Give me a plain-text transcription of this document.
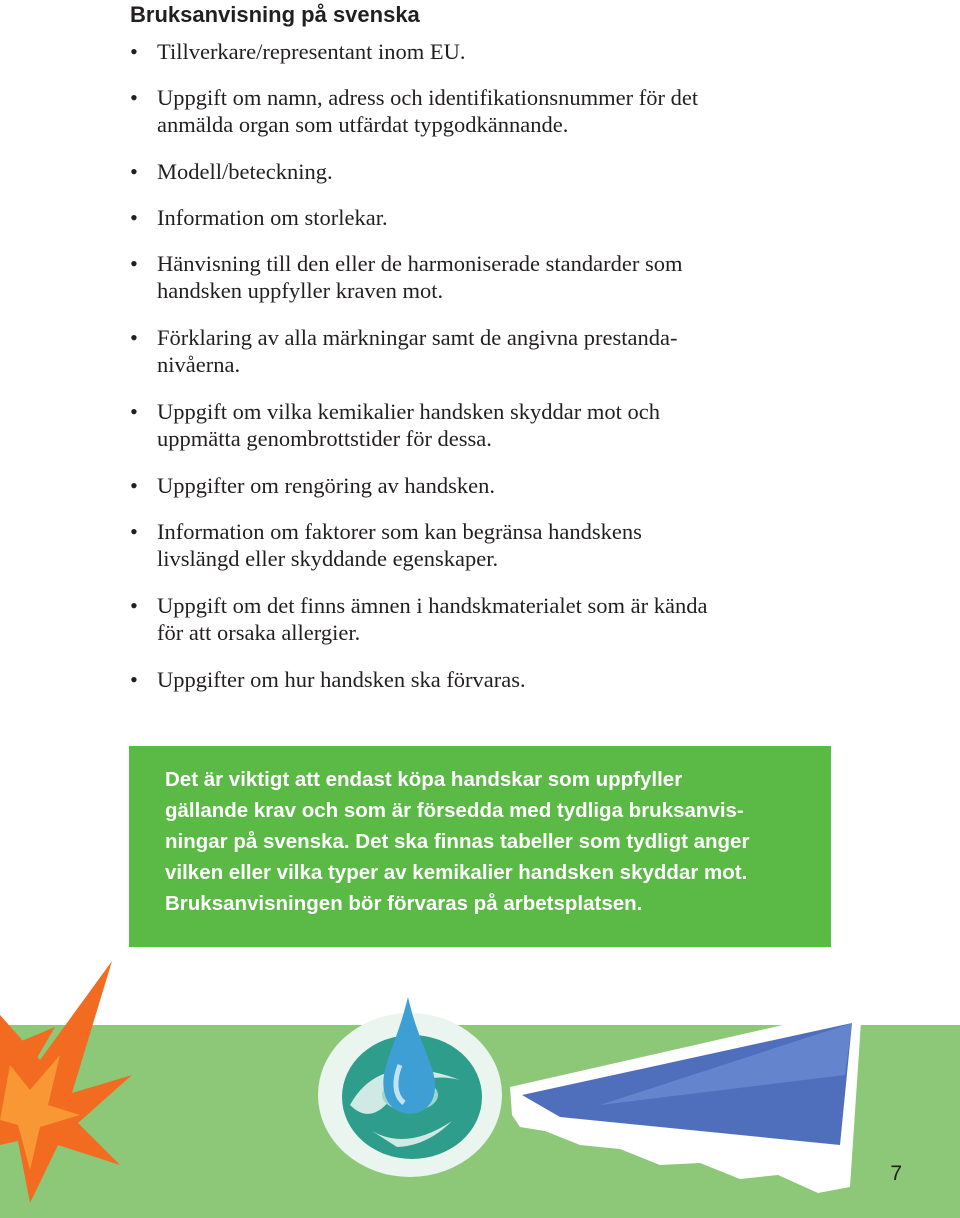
Bruksanvisning på svenska
• Tillverkare/representant inom EU.
• Uppgift om namn, adress och identifikationsnummer för det
anmälda organ som utfärdat typgodkännande.
• Modell/beteckning.
• Information om storlekar.
• Hänvisning till den eller de harmoniserade standarder som
handsken uppfyller kraven mot.
• Förklaring av alla märkningar samt de angivna prestanda-
nivåerna.
• Uppgift om vilka kemikalier handsken skyddar mot och
uppmätta genombrottstider för dessa.
• Uppgifter om rengöring av handsken.
• Information om faktorer som kan begränsa handskens
livslängd eller skyddande egenskaper.
• Uppgift om det finns ämnen i handskmaterialet som är kända
för att orsaka allergier.
• Uppgifter om hur handsken ska förvaras.

Det är viktigt att endast köpa handskar som uppfyller
gällande krav och som är försedda med tydliga bruksanvis-
ningar på svenska. Det ska finnas tabeller som tydligt anger
vilken eller vilka typer av kemikalier handsken skyddar mot.
Bruksanvisningen bör förvaras på arbetsplatsen.

7
